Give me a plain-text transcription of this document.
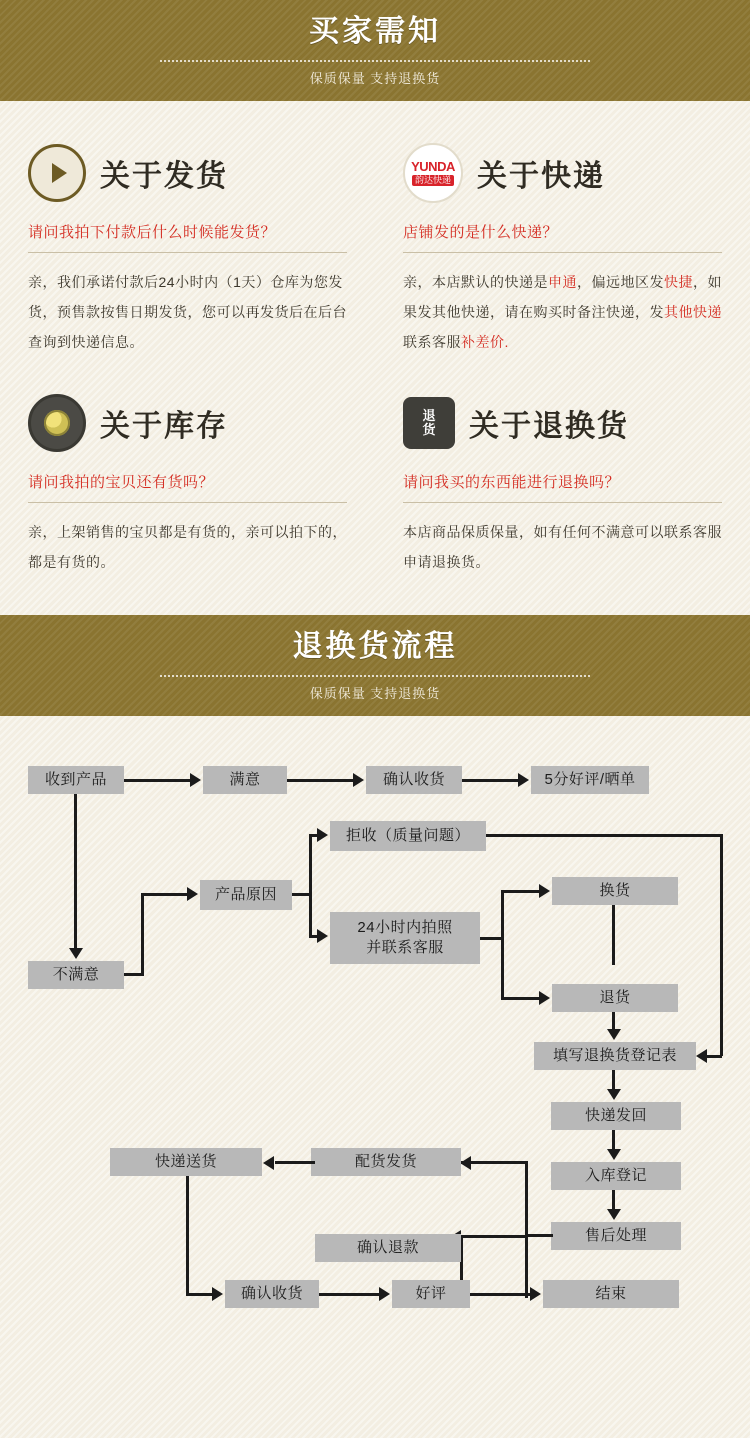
买家需知
保质保量 支持退换货
关于发货
请问我拍下付款后什么时候能发货？
亲，我们承诺付款后24小时内（1天）仓库为您发货，预售款按售日期发货，您可以再发货后在后台查询到快递信息。
YUNDA
韵达快递 关于快递
店铺发的是什么快递？
亲，本店默认的快递是申通，偏远地区发快捷，如果发其他快递，请在购买时备注快递，发其他快递联系客服补差价.
关于库存
请问我拍的宝贝还有货吗？
亲，上架销售的宝贝都是有货的，亲可以拍下的，都是有货的。
退
货 关于退换货
请问我买的东西能进行退换吗？
本店商品保质保量，如有任何不满意可以联系客服申请退换货。
退换货流程
保质保量 支持退换货
收到产品	满意	确认收货	5分好评/晒单
不满意
产品原因
拒收（质量问题）
24小时内拍照
并联系客服
换货
退货
填写退换货登记表
快递发回
入库登记
售后处理
配货发货
快递送货
确认退款
确认收货	好评	结束
